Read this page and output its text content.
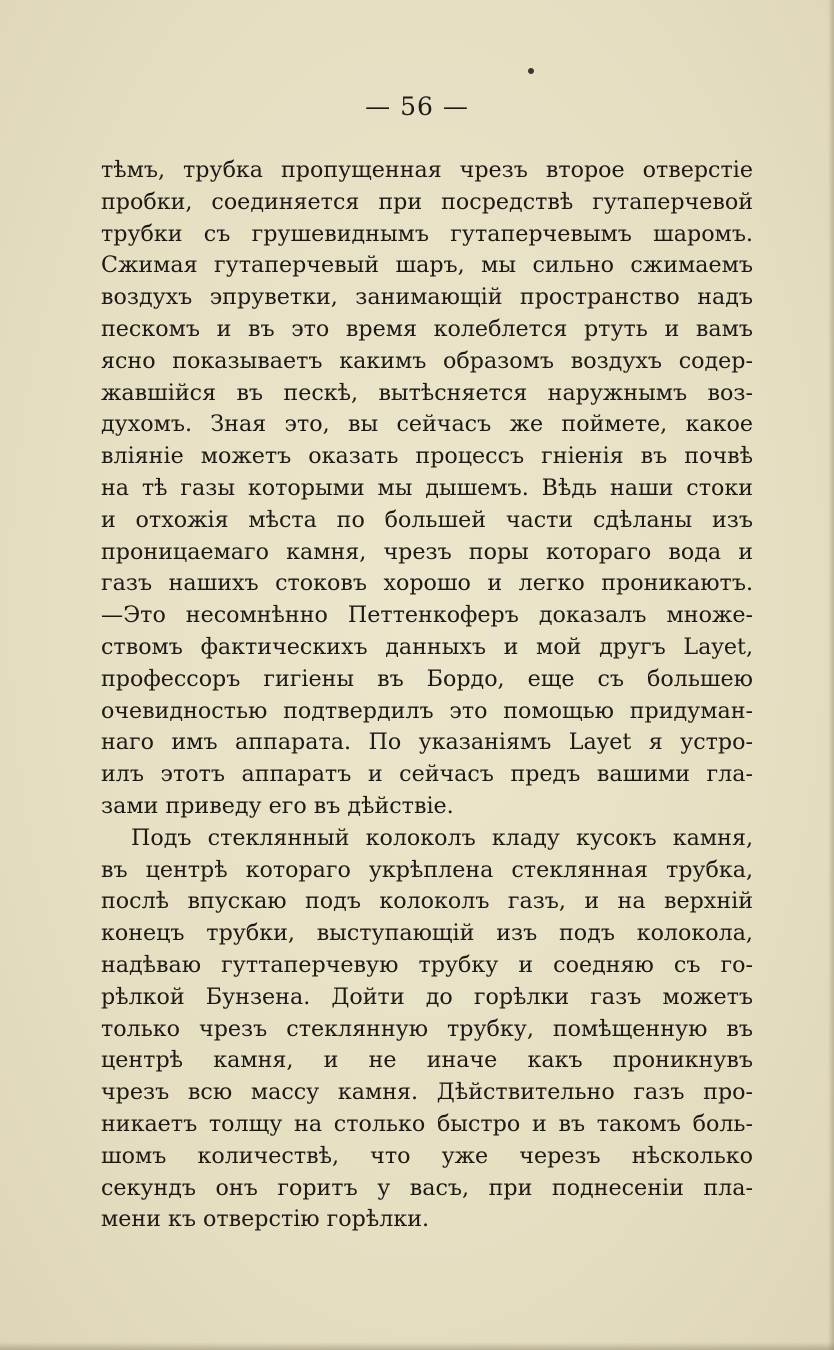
— 56 —
тѣмъ, трубка пропущенная чрезъ второе отверстіе
пробки, соединяется при посредствѣ гутаперчевой
трубки съ грушевиднымъ гутаперчевымъ шаромъ.
Сжимая гутаперчевый шаръ, мы сильно сжимаемъ
воздухъ эпруветки, занимающій пространство надъ
пескомъ и въ это время колеблется ртуть и вамъ
ясно показываетъ какимъ образомъ воздухъ содер-
жавшійся въ пескѣ, вытѣсняется наружнымъ воз-
духомъ. Зная это, вы сейчасъ же поймете, какое
вліяніе можетъ оказать процессъ гніенія въ почвѣ
на тѣ газы которыми мы дышемъ. Вѣдь наши стоки
и отхожія мѣста по большей части сдѣланы изъ
проницаемаго камня, чрезъ поры котораго вода и
газъ нашихъ стоковъ хорошо и легко проникаютъ.
—Это несомнѣнно Петтенкоферъ доказалъ множе-
ствомъ фактическихъ данныхъ и мой другъ Layet,
профессоръ гигіены въ Бордо, еще съ большею
очевидностью подтвердилъ это помощью придуман-
наго имъ аппарата. По указаніямъ Layet я устро-
илъ этотъ аппаратъ и сейчасъ предъ вашими гла-
зами приведу его въ дѣйствіе.
Подъ стеклянный колоколъ кладу кусокъ камня,
въ центрѣ котораго укрѣплена стеклянная трубка,
послѣ впускаю подъ колоколъ газъ, и на верхній
конецъ трубки, выступающій изъ подъ колокола,
надѣваю гуттаперчевую трубку и соедняю съ го-
рѣлкой Бунзена. Дойти до горѣлки газъ можетъ
только чрезъ стеклянную трубку, помѣщенную въ
центрѣ камня, и не иначе какъ проникнувъ
чрезъ всю массу камня. Дѣйствительно газъ про-
никаетъ толщу на столько быстро и въ такомъ боль-
шомъ количествѣ, что уже черезъ нѣсколько
секундъ онъ горитъ у васъ, при поднесеніи пла-
мени къ отверстію горѣлки.
